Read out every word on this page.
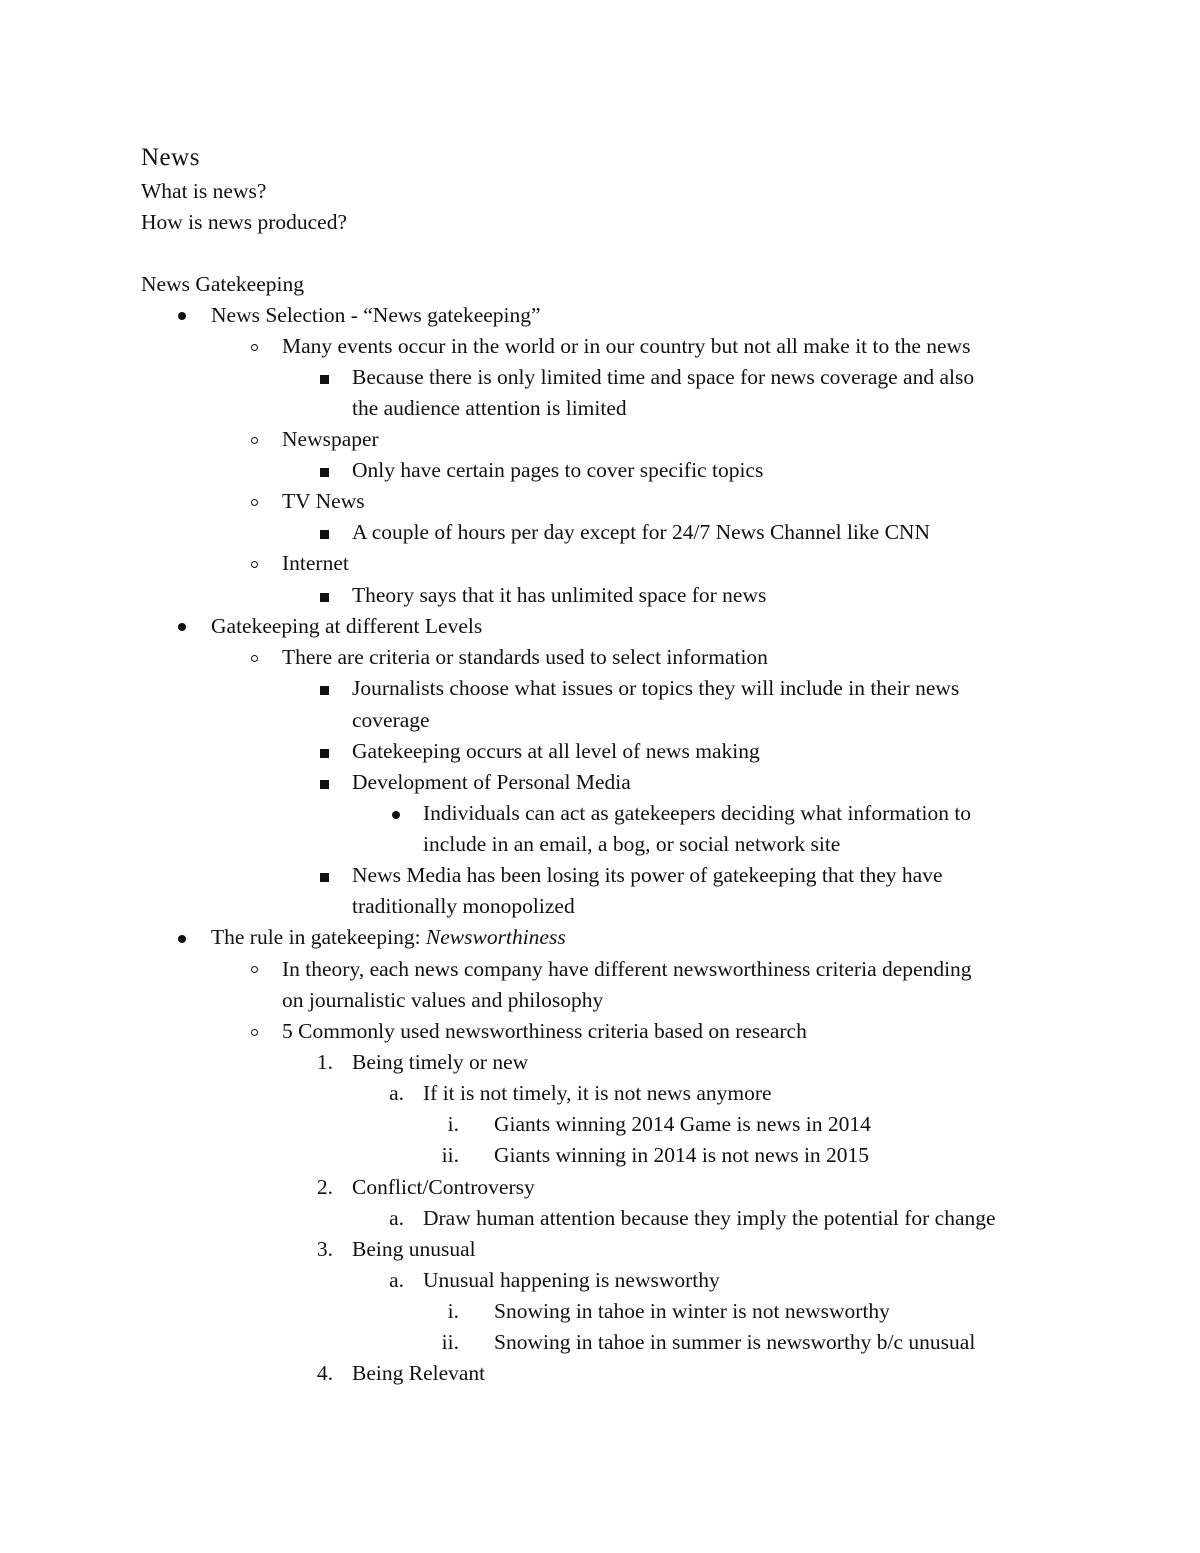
News
What is news?
How is news produced?
News Gatekeeping
News Selection - “News gatekeeping”
Many events occur in the world or in our country but not all make it to the news
Because there is only limited time and space for news coverage and also
the audience attention is limited
Newspaper
Only have certain pages to cover specific topics
TV News
A couple of hours per day except for 24/7 News Channel like CNN
Internet
Theory says that it has unlimited space for news
Gatekeeping at different Levels
There are criteria or standards used to select information
Journalists choose what issues or topics they will include in their news
coverage
Gatekeeping occurs at all level of news making
Development of Personal Media
Individuals can act as gatekeepers deciding what information to
include in an email, a bog, or social network site
News Media has been losing its power of gatekeeping that they have
traditionally monopolized
The rule in gatekeeping: Newsworthiness
In theory, each news company have different newsworthiness criteria depending
on journalistic values and philosophy
5 Commonly used newsworthiness criteria based on research
1. Being timely or new
a. If it is not timely, it is not news anymore
i. Giants winning 2014 Game is news in 2014
ii. Giants winning in 2014 is not news in 2015
2. Conflict/Controversy
a. Draw human attention because they imply the potential for change
3. Being unusual
a. Unusual happening is newsworthy
i. Snowing in tahoe in winter is not newsworthy
ii. Snowing in tahoe in summer is newsworthy b/c unusual
4. Being Relevant
